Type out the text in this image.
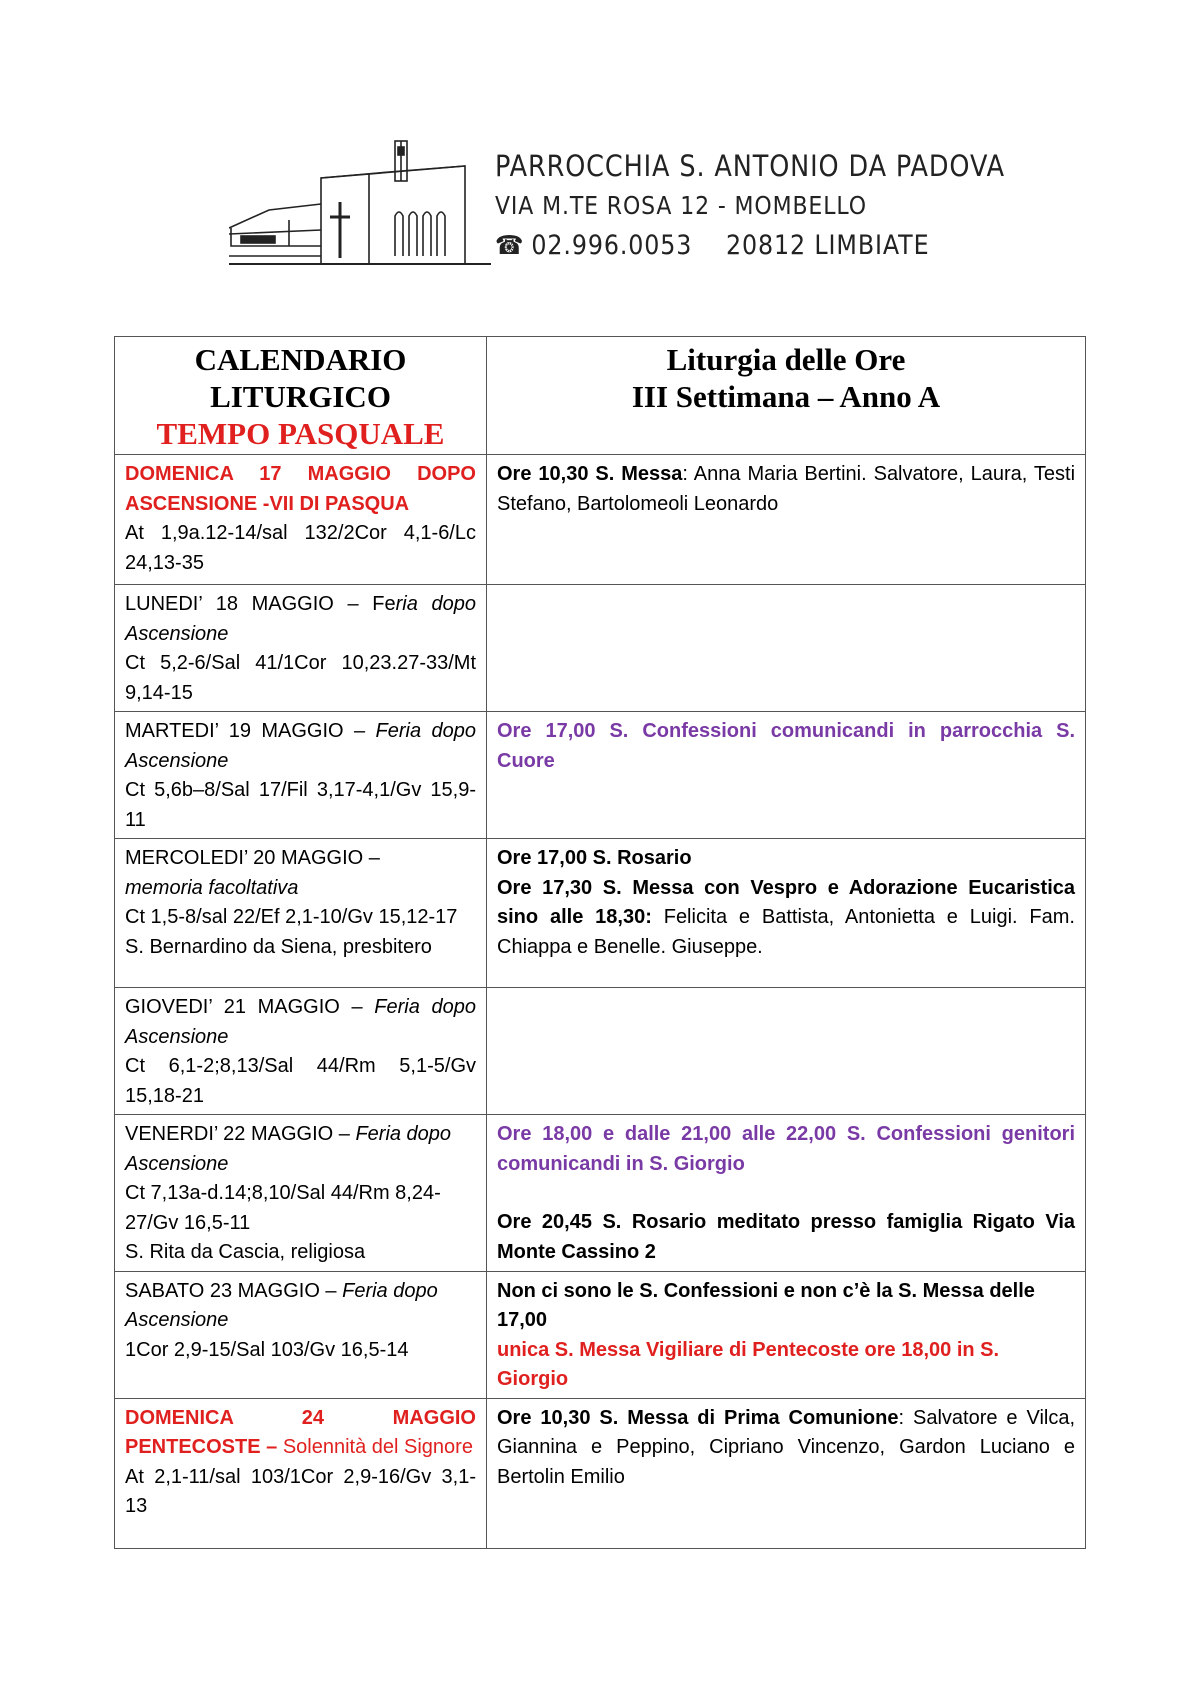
PARROCCHIA S. ANTONIO DA PADOVA
VIA M.TE ROSA 12 - MOMBELLO
☎ 02.996.0053 20812 LIMBIATE
CALENDARIO
LITURGICO
TEMPO PASQUALE	Liturgia delle Ore
III Settimana – Anno A

DOMENICA 17 MAGGIO DOPO ASCENSIONE -VII DI PASQUA
At 1,9a.12-14/sal 132/2Cor 4,1-6/Lc 24,13-35	Ore 10,30 S. Messa: Anna Maria Bertini. Salvatore, Laura, Testi Stefano, Bartolomeoli Leonardo
LUNEDI’ 18 MAGGIO – Feria dopo Ascensione
Ct 5,2-6/Sal 41/1Cor 10,23.27-33/Mt 9,14-15	
MARTEDI’ 19 MAGGIO – Feria dopo Ascensione
Ct 5,6b–8/Sal 17/Fil 3,17-4,1/Gv 15,9-11	Ore 17,00 S. Confessioni comunicandi in parrocchia S. Cuore
MERCOLEDI’ 20 MAGGIO –
memoria facoltativa
Ct 1,5-8/sal 22/Ef 2,1-10/Gv 15,12-17
S. Bernardino da Siena, presbitero	Ore 17,00 S. Rosario
Ore 17,30 S. Messa con Vespro e Adorazione Eucaristica sino alle 18,30: Felicita e Battista, Antonietta e Luigi. Fam. Chiappa e Benelle. Giuseppe.
GIOVEDI’ 21 MAGGIO – Feria dopo Ascensione
Ct 6,1-2;8,13/Sal 44/Rm 5,1-5/Gv 15,18-21	
VENERDI’ 22 MAGGIO – Feria dopo Ascensione
Ct 7,13a-d.14;8,10/Sal 44/Rm 8,24-27/Gv 16,5-11
S. Rita da Cascia, religiosa	Ore 18,00 e dalle 21,00 alle 22,00 S. Confessioni genitori comunicandi in S. Giorgio
Ore 20,45 S. Rosario meditato presso famiglia Rigato Via Monte Cassino 2

SABATO 23 MAGGIO – Feria dopo Ascensione
1Cor 2,9-15/Sal 103/Gv 16,5-14	Non ci sono le S. Confessioni e non c’è la S. Messa delle 17,00
unica S. Messa Vigiliare di Pentecoste ore 18,00 in S. Giorgio

DOMENICA 24 MAGGIO PENTECOSTE – Solennità del Signore
At 2,1-11/sal 103/1Cor 2,9-16/Gv 3,1-13	Ore 10,30 S. Messa di Prima Comunione: Salvatore e Vilca, Giannina e Peppino, Cipriano Vincenzo, Gardon Luciano e Bertolin Emilio
